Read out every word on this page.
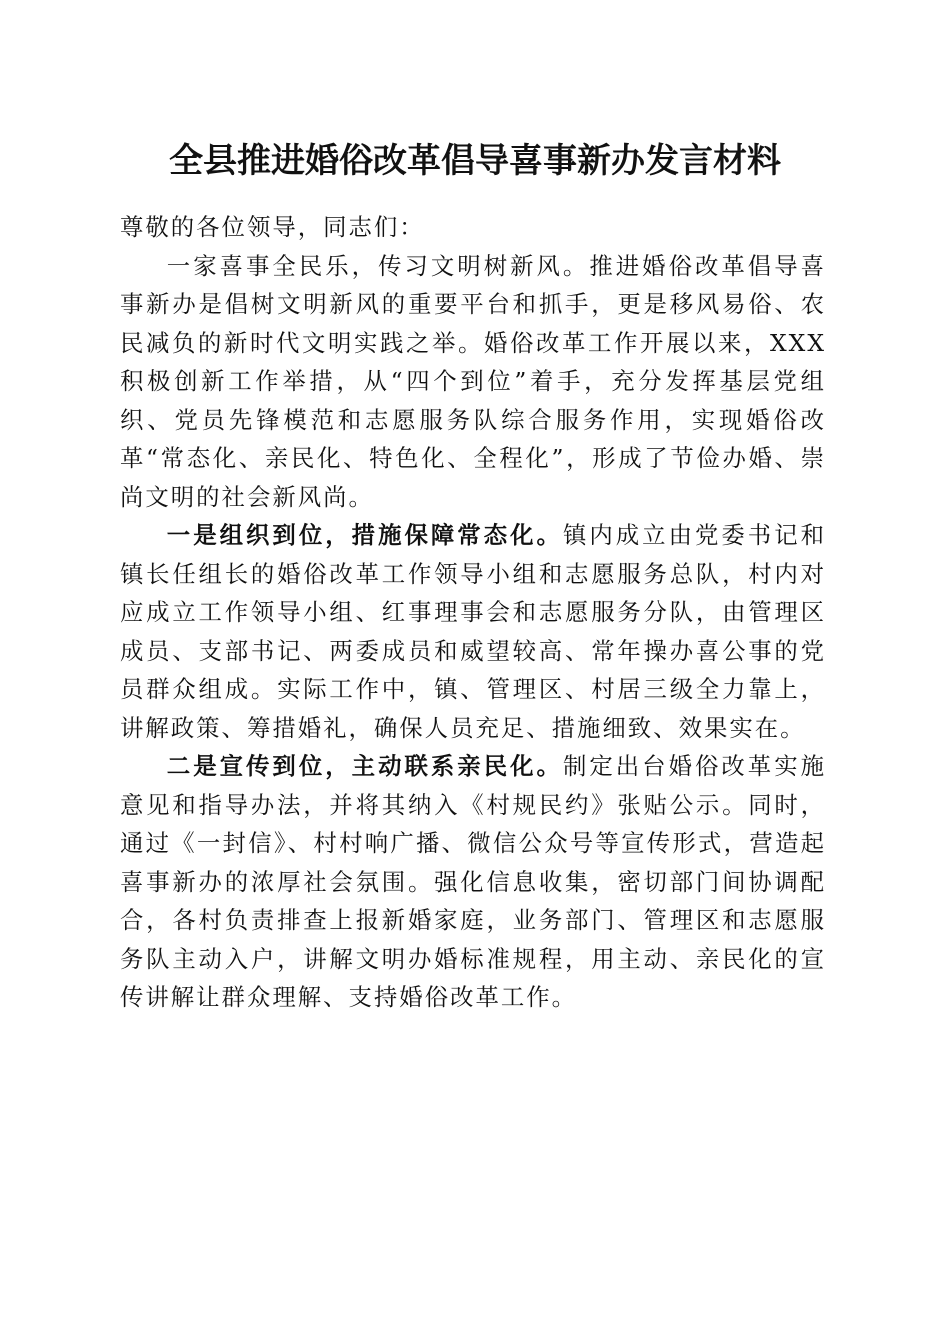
全县推进婚俗改革倡导喜事新办发言材料

尊敬的各位领导，同志们：

一家喜事全民乐，传习文明树新风。推进婚俗改革倡导喜事新办是倡树文明新风的重要平台和抓手，更是移风易俗、农民减负的新时代文明实践之举。婚俗改革工作开展以来，XXX积极创新工作举措，从“四个到位”着手，充分发挥基层党组织、党员先锋模范和志愿服务队综合服务作用，实现婚俗改革“常态化、亲民化、特色化、全程化”，形成了节俭办婚、崇尚文明的社会新风尚。

一是组织到位，措施保障常态化。镇内成立由党委书记和镇长任组长的婚俗改革工作领导小组和志愿服务总队，村内对应成立工作领导小组、红事理事会和志愿服务分队，由管理区成员、支部书记、两委成员和威望较高、常年操办喜公事的党员群众组成。实际工作中，镇、管理区、村居三级全力靠上，讲解政策、筹措婚礼，确保人员充足、措施细致、效果实在。

二是宣传到位，主动联系亲民化。制定出台婚俗改革实施意见和指导办法，并将其纳入《村规民约》张贴公示。同时，通过《一封信》、村村响广播、微信公众号等宣传形式，营造起喜事新办的浓厚社会氛围。强化信息收集，密切部门间协调配合，各村负责排查上报新婚家庭，业务部门、管理区和志愿服务队主动入户，讲解文明办婚标准规程，用主动、亲民化的宣传讲解让群众理解、支持婚俗改革工作。
